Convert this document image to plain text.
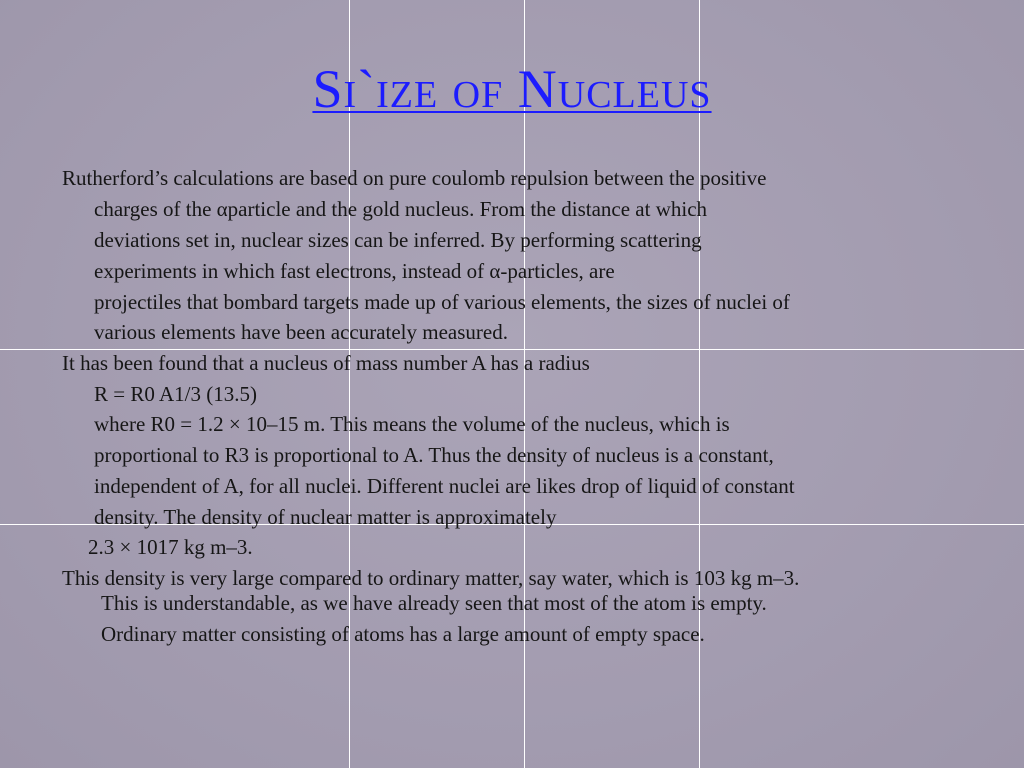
Si`ize of Nucleus

Rutherford’s calculations are based on pure coulomb repulsion between the positive

charges of the αparticle and the gold nucleus. From the distance at which

deviations set in, nuclear sizes can be inferred. By performing scattering

experiments in which fast electrons, instead of α-particles, are

projectiles that bombard targets made up of various elements, the sizes of nuclei of

various elements have been accurately measured.

It has been found that a nucleus of mass number A has a radius

R = R0 A1/3 (13.5)

where R0 = 1.2 × 10–15 m. This means the volume of the nucleus, which is

proportional to R3 is proportional to A. Thus the density of nucleus is a constant,

independent of A, for all nuclei. Different nuclei are likes drop of liquid of constant

density. The density of nuclear matter is approximately

2.3 × 1017 kg m–3.

This density is very large compared to ordinary matter, say water, which is 103 kg m–3.

This is understandable, as we have already seen that most of the atom is empty.

Ordinary matter consisting of atoms has a large amount of empty space.
